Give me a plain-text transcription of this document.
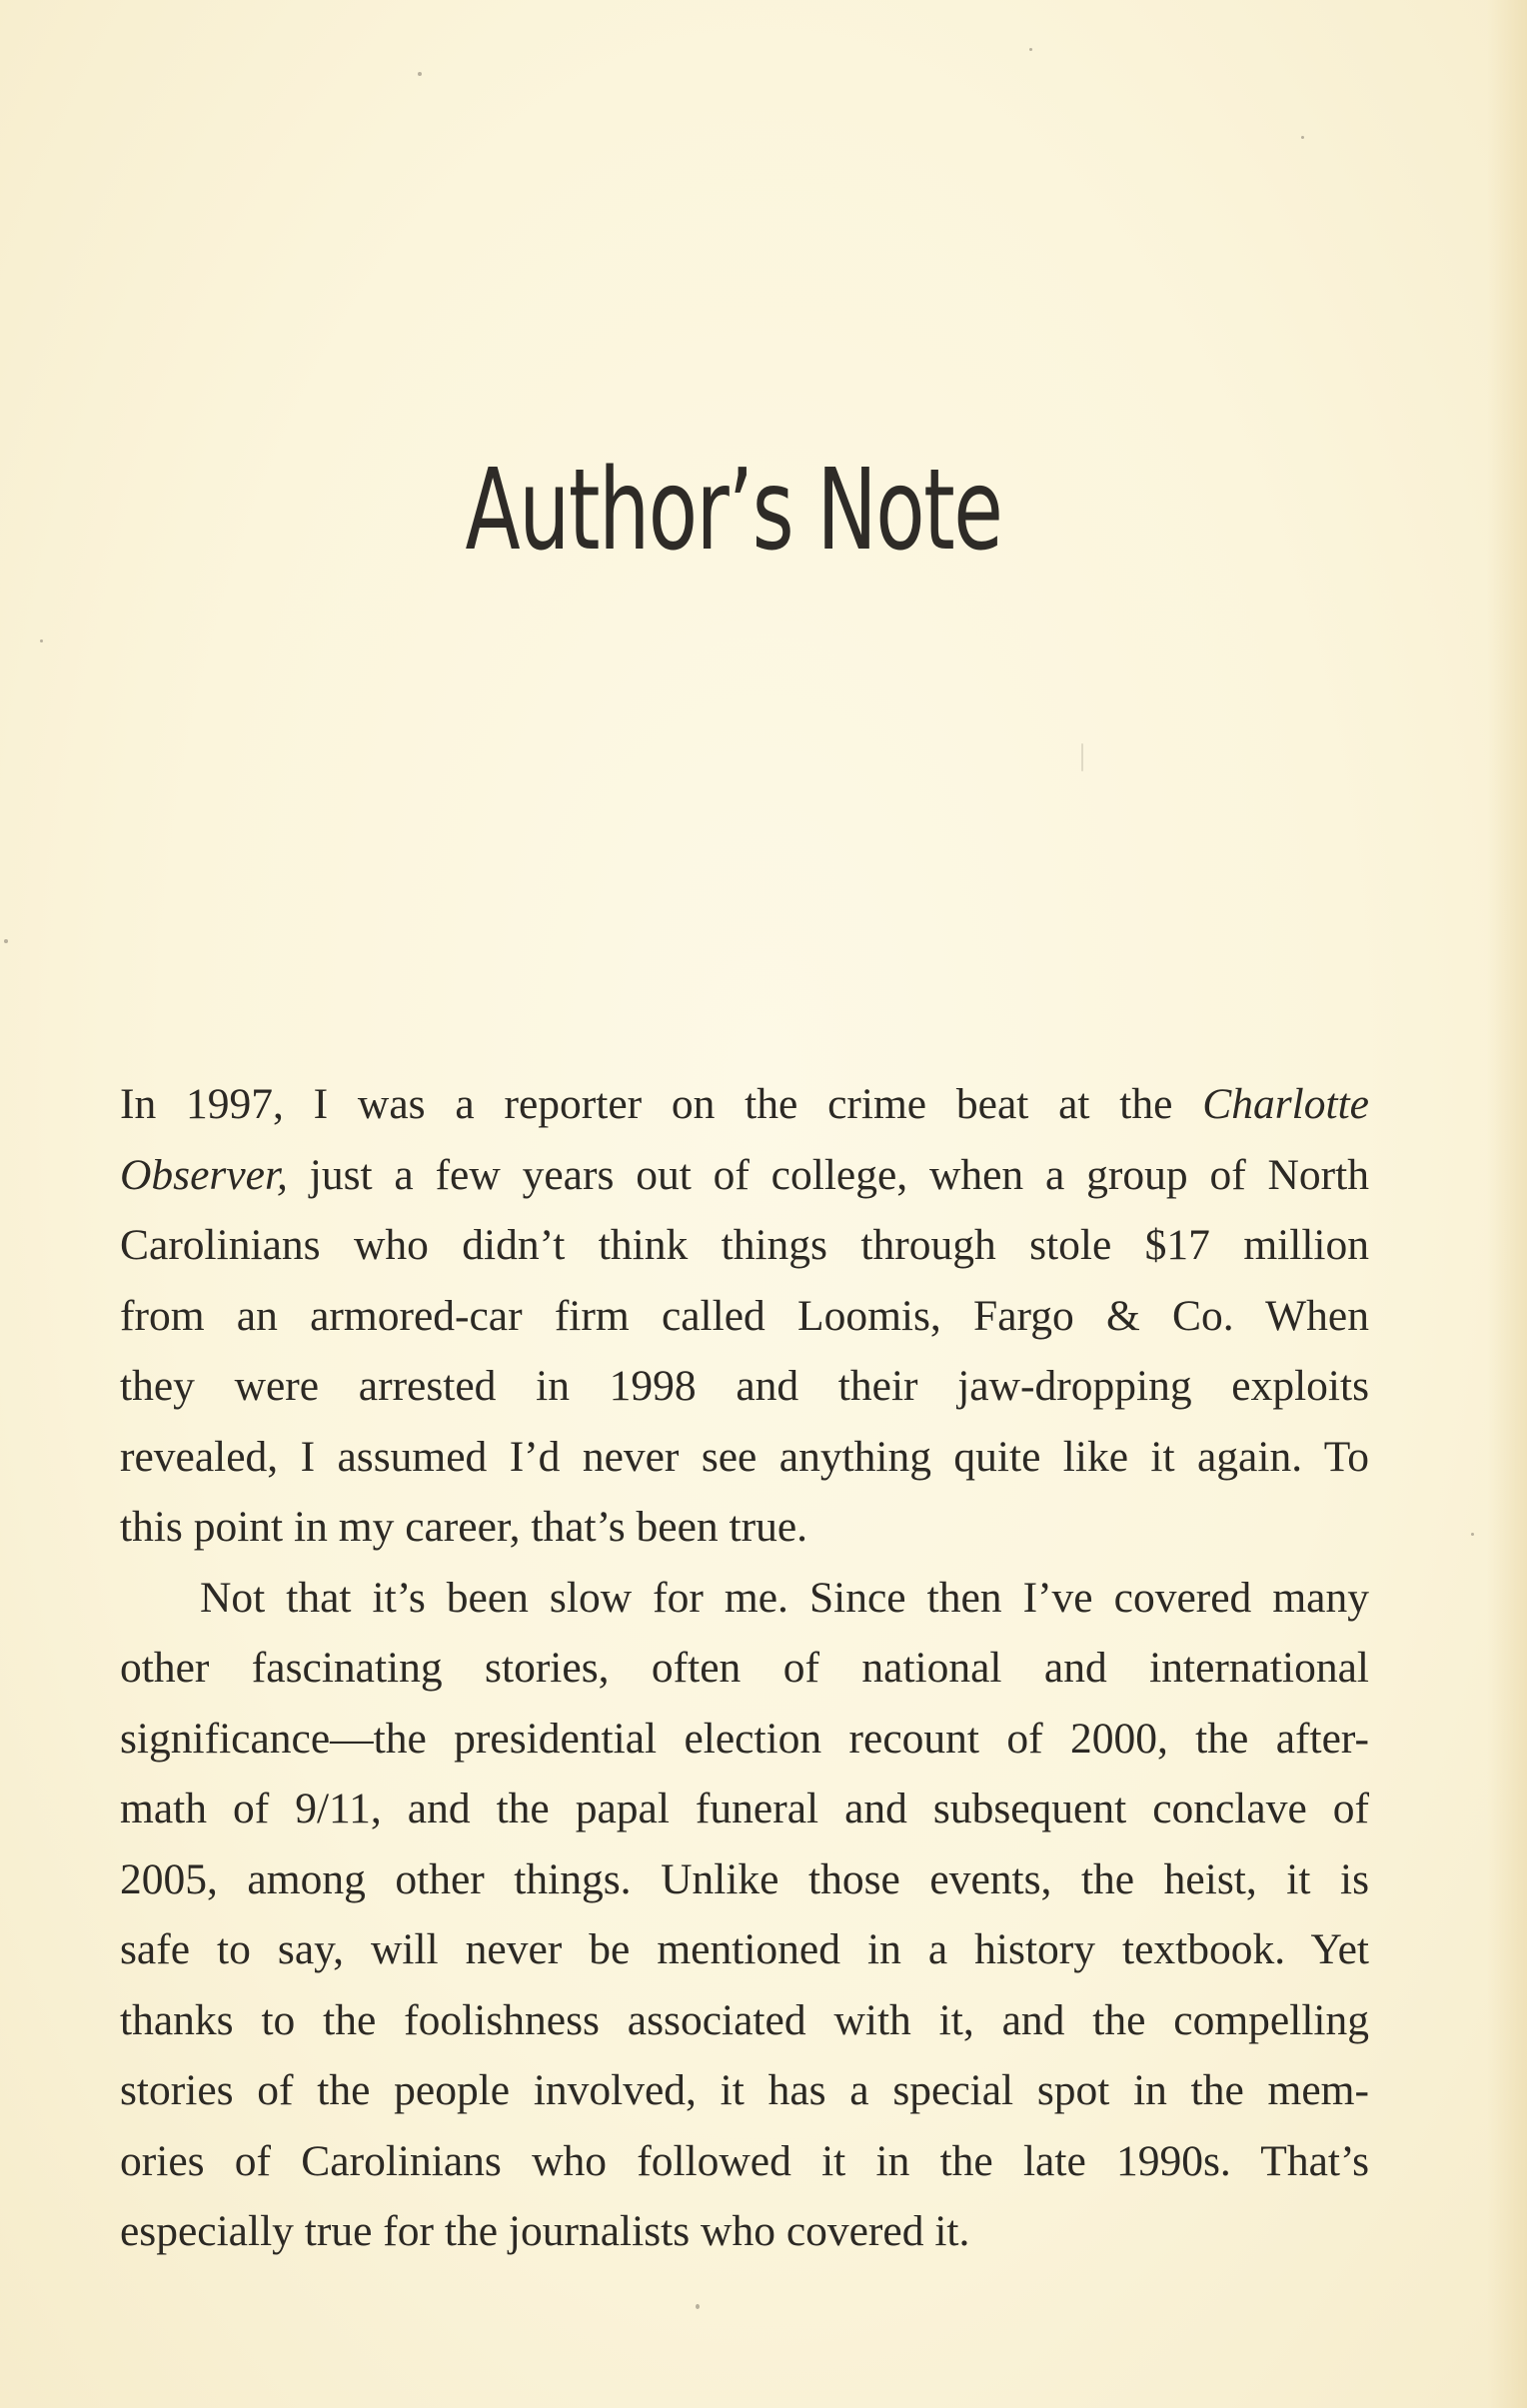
Author’s Note
In 1997, I was a reporter on the crime beat at the Charlotte
Observer, just a few years out of college, when a group of North
Carolinians who didn’t think things through stole $17 million
from an armored-car firm called Loomis, Fargo & Co. When
they were arrested in 1998 and their jaw-dropping exploits
revealed, I assumed I’d never see anything quite like it again. To
this point in my career, that’s been true.
Not that it’s been slow for me. Since then I’ve covered many
other fascinating stories, often of national and international
significance—the presidential election recount of 2000, the after-
math of 9/11, and the papal funeral and subsequent conclave of
2005, among other things. Unlike those events, the heist, it is
safe to say, will never be mentioned in a history textbook. Yet
thanks to the foolishness associated with it, and the compelling
stories of the people involved, it has a special spot in the mem-
ories of Carolinians who followed it in the late 1990s. That’s
especially true for the journalists who covered it.
